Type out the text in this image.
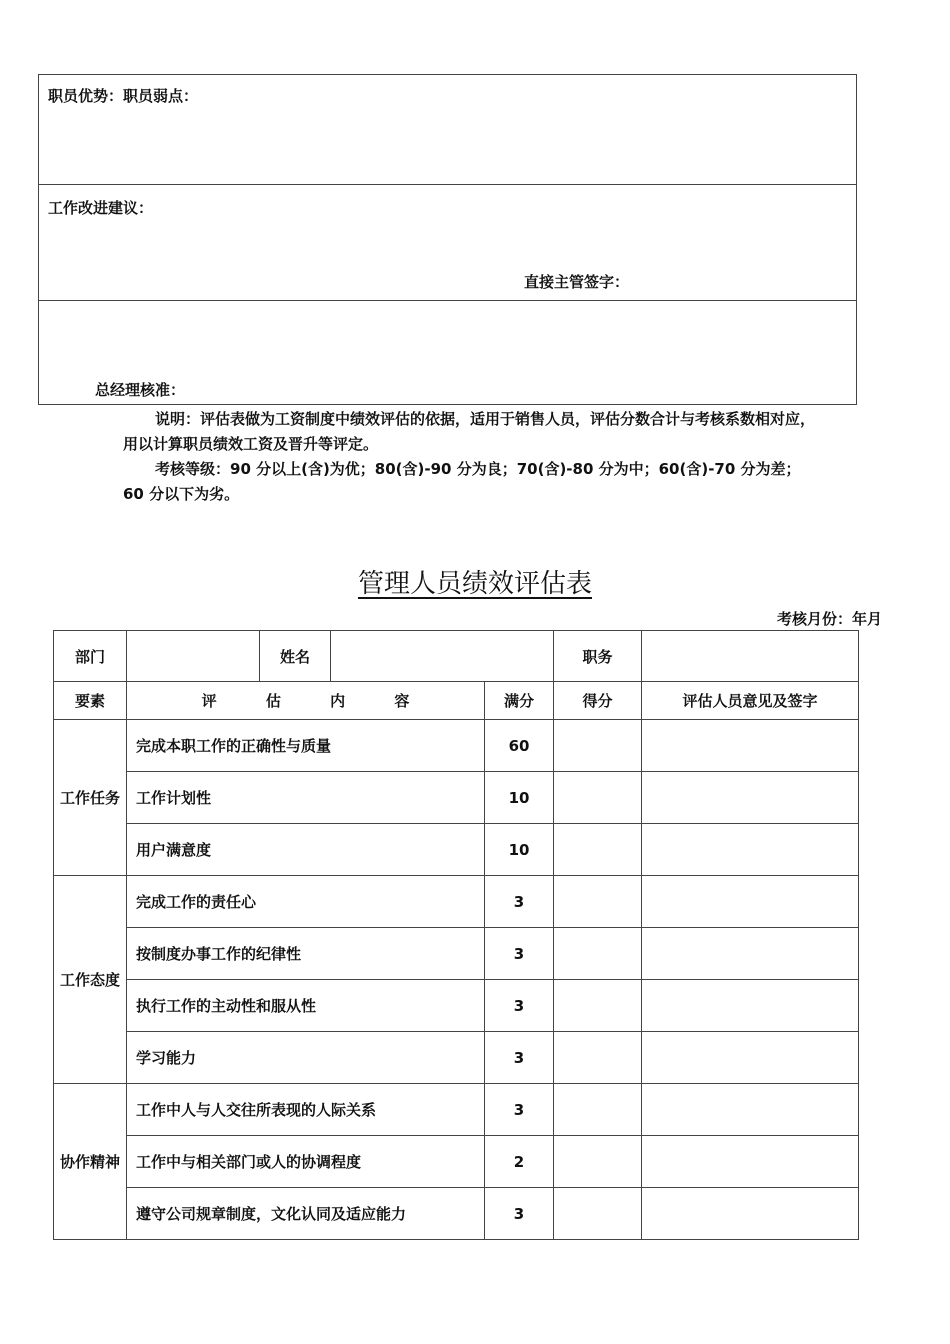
职员优势：职员弱点：
工作改进建议：
直接主管签字：
总经理核准：
说明：评估表做为工资制度中绩效评估的依据，适用于销售人员，评估分数合计与考核系数相对应，
用以计算职员绩效工资及晋升等评定。
考核等级：90 分以上(含)为优；80(含)-90 分为良；70(含)-80 分为中；60(含)-70 分为差；
60 分以下为劣。
管理人员绩效评估表
考核月份：年月
部门		姓名			职务	
要素	评 估 内 容			满分	得分	评估人员意见及签字
工作任务	完成本职工作的正确性与质量			60		
	工作计划性			10		
	用户满意度			10		
工作态度	完成工作的责任心			3		
	按制度办事工作的纪律性			3		
	执行工作的主动性和服从性			3		
	学习能力			3		
协作精神	工作中人与人交往所表现的人际关系			3		
	工作中与相关部门或人的协调程度			2		
	遵守公司规章制度，文化认同及适应能力			3		
